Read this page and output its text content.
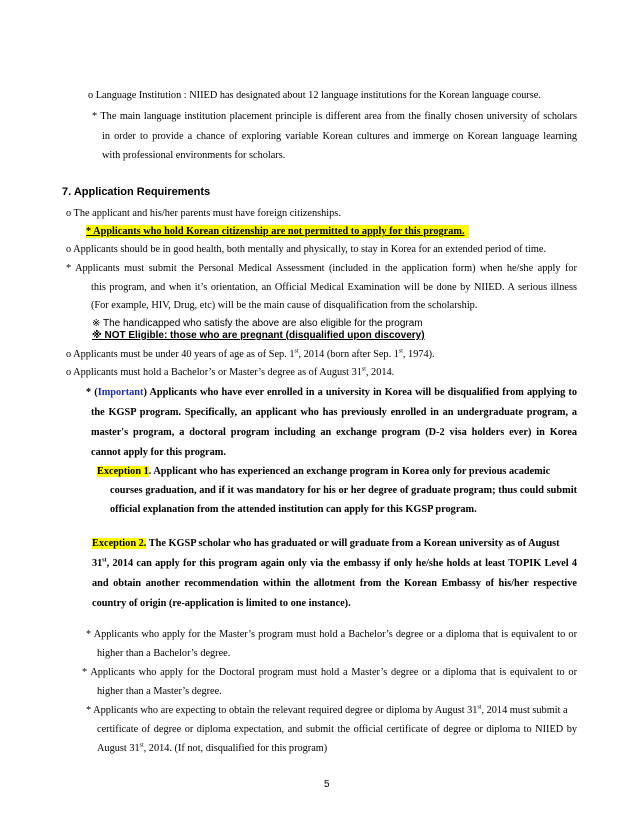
o Language Institution : NIIED has designated about 12 language institutions for the Korean language course.
* The main language institution placement principle is different area from the finally chosen university of scholars
in order to provide a chance of exploring variable Korean cultures and immerge on Korean language learning
with professional environments for scholars.
7. Application Requirements
o The applicant and his/her parents must have foreign citizenships.
* Applicants who hold Korean citizenship are not permitted to apply for this program.
o Applicants should be in good health, both mentally and physically, to stay in Korea for an extended period of time.
* Applicants must submit the Personal Medical Assessment (included in the application form) when he/she apply for
this program, and when it’s orientation, an Official Medical Examination will be done by NIIED. A serious illness
(For example, HIV, Drug, etc) will be the main cause of disqualification from the scholarship.
※ The handicapped who satisfy the above are also eligible for the program
※ NOT Eligible: those who are pregnant (disqualified upon discovery)
o Applicants must be under 40 years of age as of Sep. 1st, 2014 (born after Sep. 1st, 1974).
o Applicants must hold a Bachelor’s or Master’s degree as of August 31st, 2014.
* (Important) Applicants who have ever enrolled in a university in Korea will be disqualified from applying to
the KGSP program. Specifically, an applicant who has previously enrolled in an undergraduate program, a
master's program, a doctoral program including an exchange program (D-2 visa holders ever) in Korea
cannot apply for this program.
Exception 1. Applicant who has experienced an exchange program in Korea only for previous academic
courses graduation, and if it was mandatory for his or her degree of graduate program; thus could submit
official explanation from the attended institution can apply for this KGSP program.
Exception 2. The KGSP scholar who has graduated or will graduate from a Korean university as of August
31st, 2014 can apply for this program again only via the embassy if only he/she holds at least TOPIK Level 4
and obtain another recommendation within the allotment from the Korean Embassy of his/her respective
country of origin (re-application is limited to one instance).
* Applicants who apply for the Master’s program must hold a Bachelor’s degree or a diploma that is equivalent to or
higher than a Bachelor’s degree.
* Applicants who apply for the Doctoral program must hold a Master’s degree or a diploma that is equivalent to or
higher than a Master’s degree.
* Applicants who are expecting to obtain the relevant required degree or diploma by August 31st, 2014 must submit a
certificate of degree or diploma expectation, and submit the official certificate of degree or diploma to NIIED by
August 31st, 2014. (If not, disqualified for this program)
5
